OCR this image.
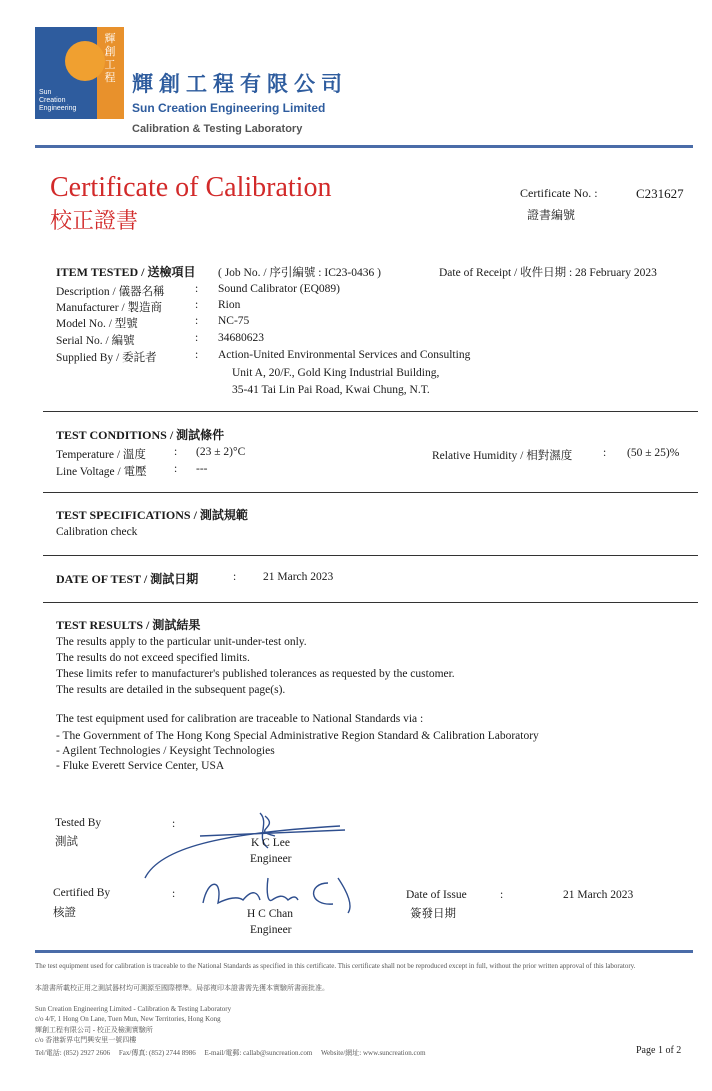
輝
創
工
程
Sun
Creation
Engineering
輝創工程有限公司
Sun Creation Engineering Limited
Calibration & Testing Laboratory
Certificate of Calibration
校正證書
Certificate No. :
證書編號
C231627
ITEM TESTED / 送檢項目 ( Job No. / 序引編號 : IC23-0436 )	Date of Receipt / 收件日期 : 28 February 2023
Description / 儀器名稱	: Sound Calibrator (EQ089)
Manufacturer / 製造商	: Rion
Model No. / 型號	: NC-75
Serial No. / 編號	: 34680623
Supplied By / 委託者	: Action-United Environmental Services and Consulting
Unit A, 20/F., Gold King Industrial Building,
35-41 Tai Lin Pai Road, Kwai Chung, N.T.
TEST CONDITIONS / 測試條件
Temperature / 溫度 : (23 ± 2)°C
Line Voltage / 電壓 : ---
Relative Humidity / 相對濕度	: (50 ± 25)%
TEST SPECIFICATIONS / 測試規範
Calibration check
DATE OF TEST / 測試日期	: 21 March 2023
TEST RESULTS / 測試結果
The results apply to the particular unit-under-test only.
The results do not exceed specified limits.
These limits refer to manufacturer's published tolerances as requested by the customer.
The results are detailed in the subsequent page(s).
The test equipment used for calibration are traceable to National Standards via :
- The Government of The Hong Kong Special Administrative Region Standard & Calibration Laboratory
- Agilent Technologies / Keysight Technologies
- Fluke Everett Service Center, USA
Tested By
測試
:
K C Lee
Engineer
Certified By
核證
:
H C Chan
Engineer
Date of Issue
簽發日期
:	21 March 2023
The test equipment used for calibration is traceable to the National Standards as specified in this certificate. This certificate shall not be reproduced except in full, without the prior written approval of this laboratory.
本證書所載校正用之測試器材均可溯源至國際標準。局部複印本證書需先獲本實驗所書面批准。
Sun Creation Engineering Limited - Calibration & Testing Laboratory
c/o 4/F, 1 Hong On Lane, Tuen Mun, New Territories, Hong Kong
輝創工程有限公司 - 校正及檢測實驗所
c/o 香港新界屯門興安里一號四樓
Tel/電話: (852) 2927 2606     Fax/傳真: (852) 2744 8986     E-mail/電郵: callab@suncreation.com     Website/網址: www.suncreation.com	Page 1 of 2
